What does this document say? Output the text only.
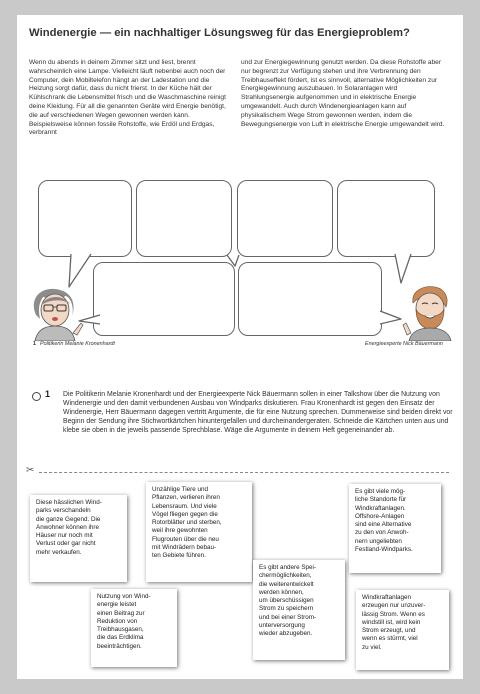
Windenergie — ein nachhaltiger Lösungsweg für das Energieproblem?
Wenn du abends in deinem Zimmer sitzt und liest, brennt wahrscheinlich eine Lampe. Vielleicht läuft nebenbei auch noch der Computer, dein Mobiltelefon hängt an der Ladestation und die Heizung sorgt dafür, dass du nicht frierst. In der Küche hält der Kühlschrank die Lebensmittel frisch und die Waschmaschine reinigt deine Kleidung. Für all die genannten Geräte wird Energie benötigt, die auf verschiedenen Wegen gewonnen werden kann. Beispielsweise können fossile Rohstoffe, wie Erdöl und Erdgas, verbrannt
und zur Energiegewinnung genutzt werden. Da diese Rohstoffe aber nur begrenzt zur Verfügung stehen und ihre Verbrennung den Treibhauseffekt fördert, ist es sinnvoll, alternative Möglichkeiten zur Energiegewinnung auszubauen. In Solaranlagen wird Strahlungsenergie aufgenommen und in elektrische Energie umgewandelt. Auch durch Windenergieanlagen kann auf physikalischem Wege Strom gewonnen werden, indem die Bewegungsenergie von Luft in elektrische Energie umgewandelt wird.
1 Politikerin Melanie Kronenhardt	Energieexperte Nick Bäuermann
1 Die Politikerin Melanie Kronenhardt und der Energieexperte Nick Bäuermann sollen in einer Talkshow über die Nutzung von Windenergie und den damit verbundenen Ausbau von Windparks diskutieren. Frau Kronenhardt ist gegen den Einsatz der Windenergie, Herr Bäuermann dagegen vertritt Argumente, die für eine Nutzung sprechen. Dummerweise sind beiden direkt vor Beginn der Sendung ihre Stichwortkärtchen hinuntergefallen und durcheinandergeraten. Schneide die Kärtchen unten aus und klebe sie oben in die jeweils passende Sprechblase. Wäge die Argumente in deinem Heft gegeneinander ab.
✂
Diese hässlichen Wind-
parks verschandeln
die ganze Gegend. Die
Anwohner können ihre
Häuser nur noch mit
Verlust oder gar nicht
mehr verkaufen.
Unzählige Tiere und
Pflanzen, verlieren ihren
Lebensraum. Und viele
Vögel fliegen gegen die
Rotorblätter und sterben,
weil ihre gewohnten
Flugrouten über die neu
mit Windrädern bebau-
ten Gebiete führen.
Es gibt viele mög-
liche Standorte für
Windkraftanlagen.
Offshore-Anlagen
sind eine Alternative
zu den von Anwoh-
nern ungeliebten
Festland-Windparks.
Es gibt andere Spei-
chermöglichkeiten,
die weiterentwickelt
werden können,
um überschüssigen
Strom zu speichern
und bei einer Strom-
unterversorgung
wieder abzugeben.
Nutzung von Wind-
energie leistet
einen Beitrag zur
Reduktion von
Treibhausgasen,
die das Erdklima
beeinträchtigen.
Windkraftanlagen
erzeugen nur unzuver-
lässig Strom. Wenn es
windstill ist, wird kein
Strom erzeugt, und
wenn es stürmt, viel
zu viel.
